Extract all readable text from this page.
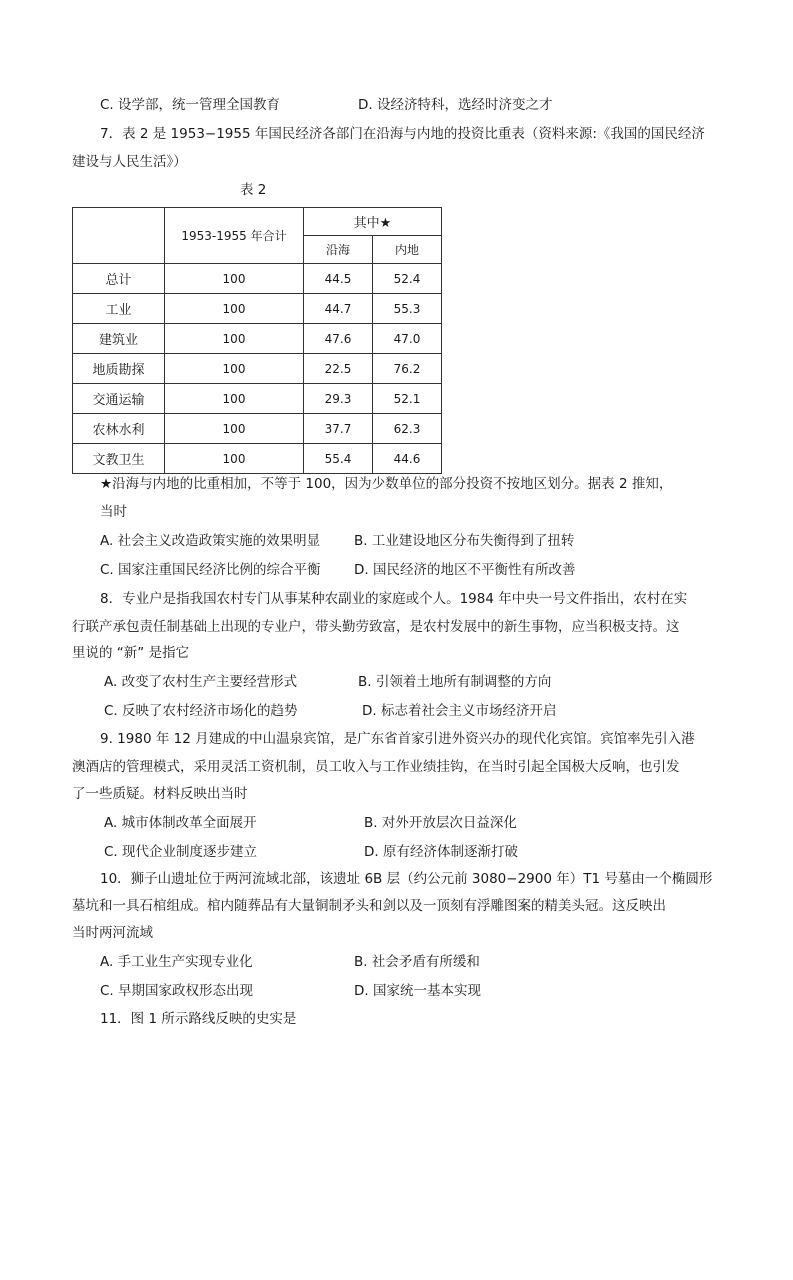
C. 设学部，统一管理全国教育	D. 设经济特科，选经时济变之才
7．表 2 是 1953−1955 年国民经济各部门在沿海与内地的投资比重表（资料来源:《我国的国民经济
建设与人民生活》）
表 2
	1953-1955 年合计	其中★	
		沿海	内地
总计	100	44.5	52.4
工业	100	44.7	55.3
建筑业	100	47.6	47.0
地质勘探	100	22.5	76.2
交通运输	100	29.3	52.1
农林水利	100	37.7	62.3
文教卫生	100	55.4	44.6
★沿海与内地的比重相加，不等于 100，因为少数单位的部分投资不按地区划分。据表 2 推知，
当时
A. 社会主义改造政策实施的效果明显	B. 工业建设地区分布失衡得到了扭转
C. 国家注重国民经济比例的综合平衡 D. 国民经济的地区不平衡性有所改善
8．专业户是指我国农村专门从事某种农副业的家庭或个人。1984 年中央一号文件指出，农村在实
行联产承包责任制基础上出现的专业户，带头勤劳致富，是农村发展中的新生事物，应当积极支持。这
里说的 “新” 是指它
A. 改变了农村生产主要经营形式	B. 引领着土地所有制调整的方向
C. 反映了农村经济市场化的趋势	D. 标志着社会主义市场经济开启
9. 1980 年 12 月建成的中山温泉宾馆，是广东省首家引进外资兴办的现代化宾馆。宾馆率先引入港
澳酒店的管理模式，采用灵活工资机制，员工收入与工作业绩挂钩，在当时引起全国极大反响，也引发
了一些质疑。材料反映出当时
A. 城市体制改革全面展开	B. 对外开放层次日益深化
C. 现代企业制度逐步建立	D. 原有经济体制逐渐打破
10．狮子山遗址位于两河流域北部，该遗址 6B 层（约公元前 3080−2900 年）T1 号墓由一个椭圆形
墓坑和一具石棺组成。棺内随葬品有大量铜制矛头和剑以及一顶刻有浮雕图案的精美头冠。这反映出
当时两河流域
A. 手工业生产实现专业化	B. 社会矛盾有所缓和
C. 早期国家政权形态出现	D. 国家统一基本实现
11．图 1 所示路线反映的史实是
